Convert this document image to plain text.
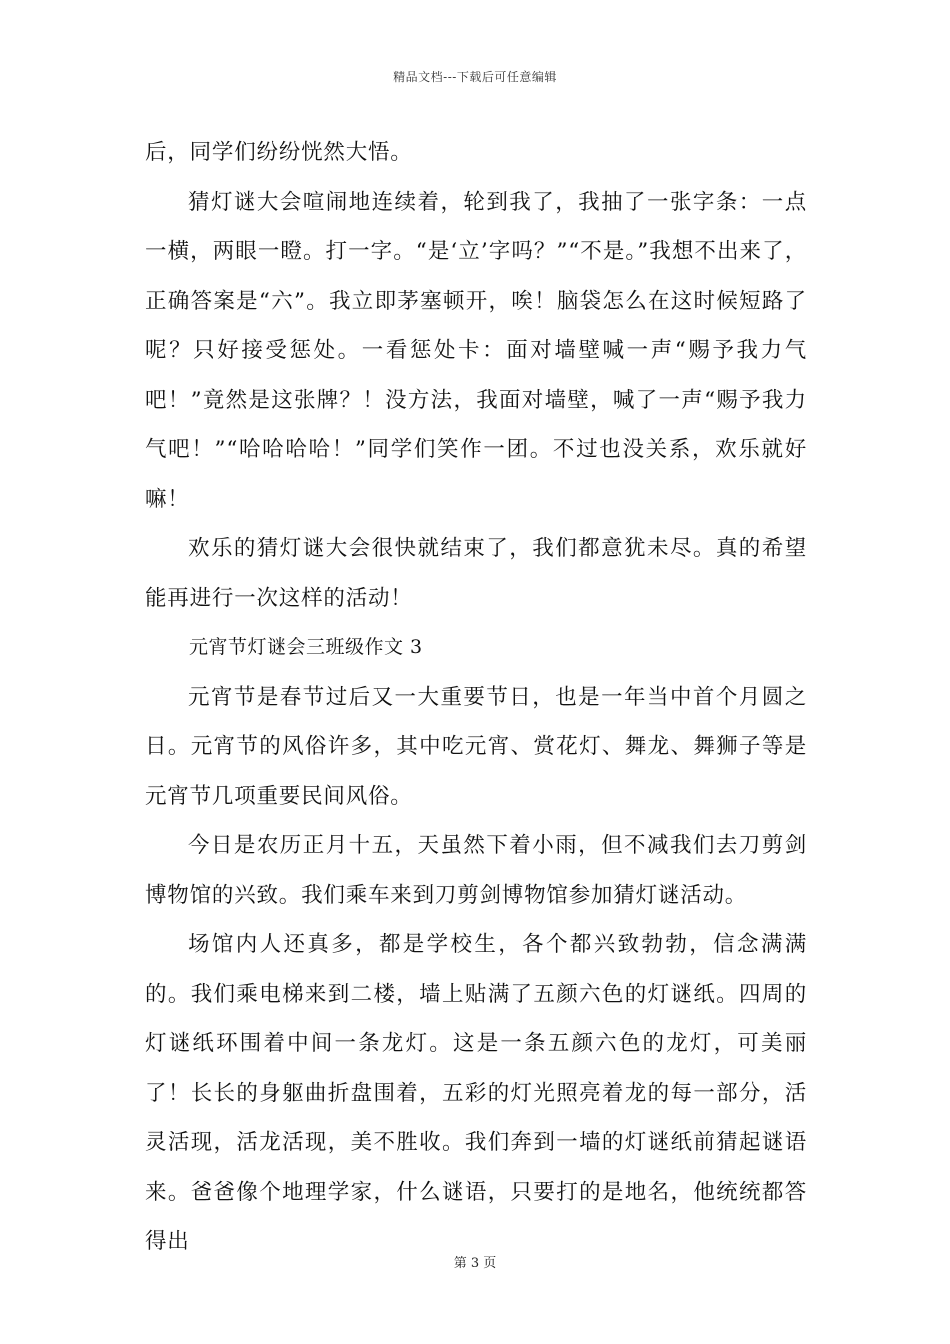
精品文档---下载后可任意编辑

后，同学们纷纷恍然大悟。

猜灯谜大会喧闹地连续着，轮到我了，我抽了一张字条：一点一横，两眼一瞪。打一字。“是‘立’字吗？”“不是。”我想不出来了，正确答案是“六”。我立即茅塞顿开，唉！脑袋怎么在这时候短路了呢？只好接受惩处。一看惩处卡：面对墙壁喊一声“赐予我力气吧！”竟然是这张牌？！没方法，我面对墙壁，喊了一声“赐予我力气吧！”“哈哈哈哈！”同学们笑作一团。不过也没关系，欢乐就好嘛！

欢乐的猜灯谜大会很快就结束了，我们都意犹未尽。真的希望能再进行一次这样的活动！

元宵节灯谜会三班级作文 3

元宵节是春节过后又一大重要节日，也是一年当中首个月圆之日。元宵节的风俗许多，其中吃元宵、赏花灯、舞龙、舞狮子等是元宵节几项重要民间风俗。

今日是农历正月十五，天虽然下着小雨，但不减我们去刀剪剑博物馆的兴致。我们乘车来到刀剪剑博物馆参加猜灯谜活动。

场馆内人还真多，都是学校生，各个都兴致勃勃，信念满满的。我们乘电梯来到二楼，墙上贴满了五颜六色的灯谜纸。四周的灯谜纸环围着中间一条龙灯。这是一条五颜六色的龙灯，可美丽了！长长的身躯曲折盘围着，五彩的灯光照亮着龙的每一部分，活灵活现，活龙活现，美不胜收。我们奔到一墙的灯谜纸前猜起谜语来。爸爸像个地理学家，什么谜语，只要打的是地名，他统统都答得出

第 3 页
